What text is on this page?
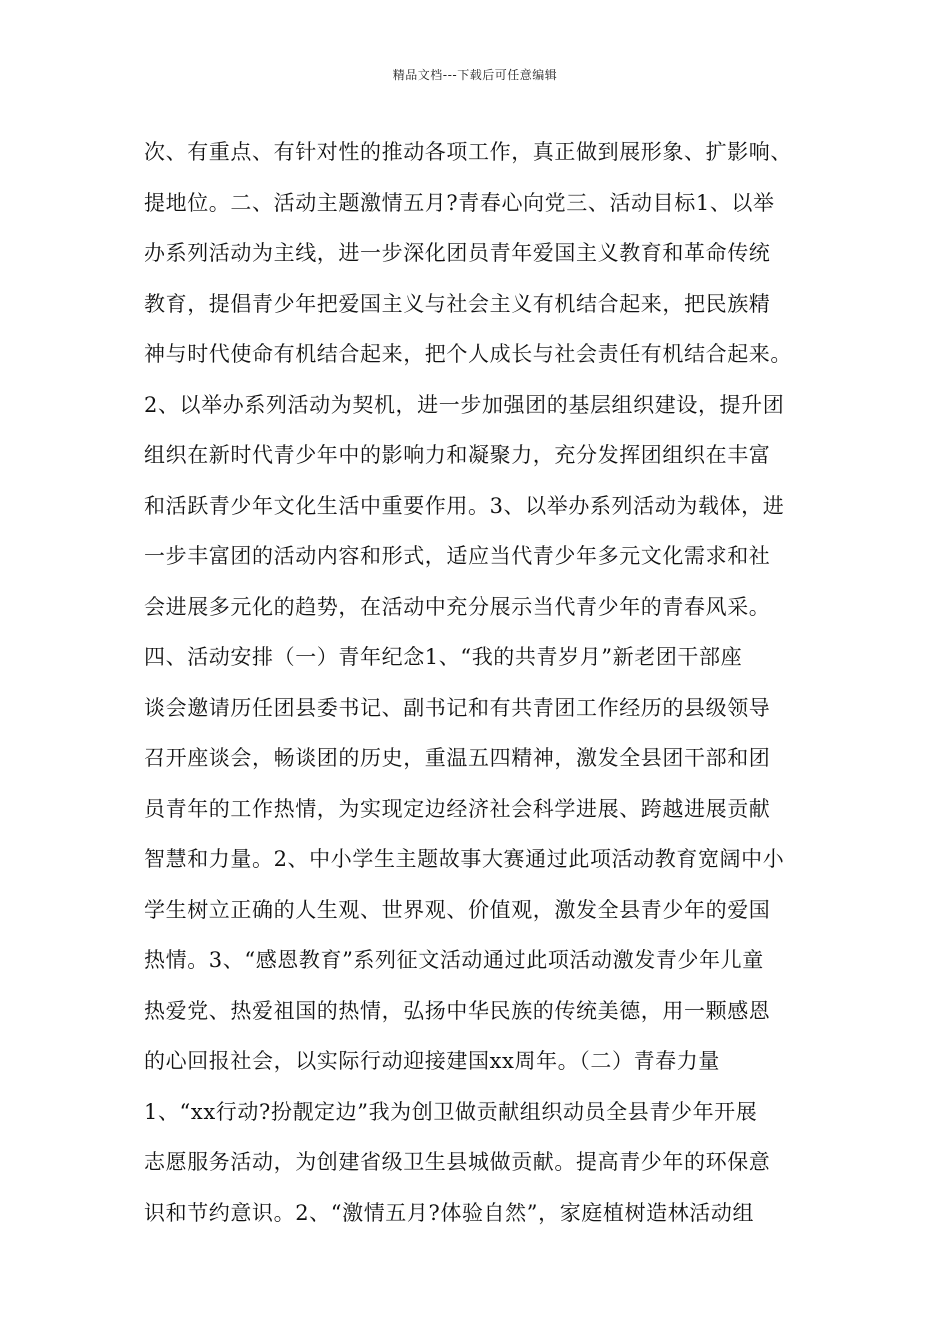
精品文档---下载后可任意编辑
次、有重点、有针对性的推动各项工作，真正做到展形象、扩影响、
提地位。二、活动主题激情五月?青春心向党三、活动目标1、以举
办系列活动为主线，进一步深化团员青年爱国主义教育和革命传统
教育，提倡青少年把爱国主义与社会主义有机结合起来，把民族精
神与时代使命有机结合起来，把个人成长与社会责任有机结合起来。
2、以举办系列活动为契机，进一步加强团的基层组织建设，提升团
组织在新时代青少年中的影响力和凝聚力，充分发挥团组织在丰富
和活跃青少年文化生活中重要作用。3、以举办系列活动为载体，进
一步丰富团的活动内容和形式，适应当代青少年多元文化需求和社
会进展多元化的趋势，在活动中充分展示当代青少年的青春风采。
四、活动安排（一）青年纪念1、“我的共青岁月”新老团干部座
谈会邀请历任团县委书记、副书记和有共青团工作经历的县级领导
召开座谈会，畅谈团的历史，重温五四精神，激发全县团干部和团
员青年的工作热情，为实现定边经济社会科学进展、跨越进展贡献
智慧和力量。2、中小学生主题故事大赛通过此项活动教育宽阔中小
学生树立正确的人生观、世界观、价值观，激发全县青少年的爱国
热情。3、“感恩教育”系列征文活动通过此项活动激发青少年儿童
热爱党、热爱祖国的热情，弘扬中华民族的传统美德，用一颗感恩
的心回报社会，以实际行动迎接建国xx周年。（二）青春力量
1、“xx行动?扮靓定边”我为创卫做贡献组织动员全县青少年开展
志愿服务活动，为创建省级卫生县城做贡献。提高青少年的环保意
识和节约意识。2、“激情五月?体验自然”，家庭植树造林活动组
